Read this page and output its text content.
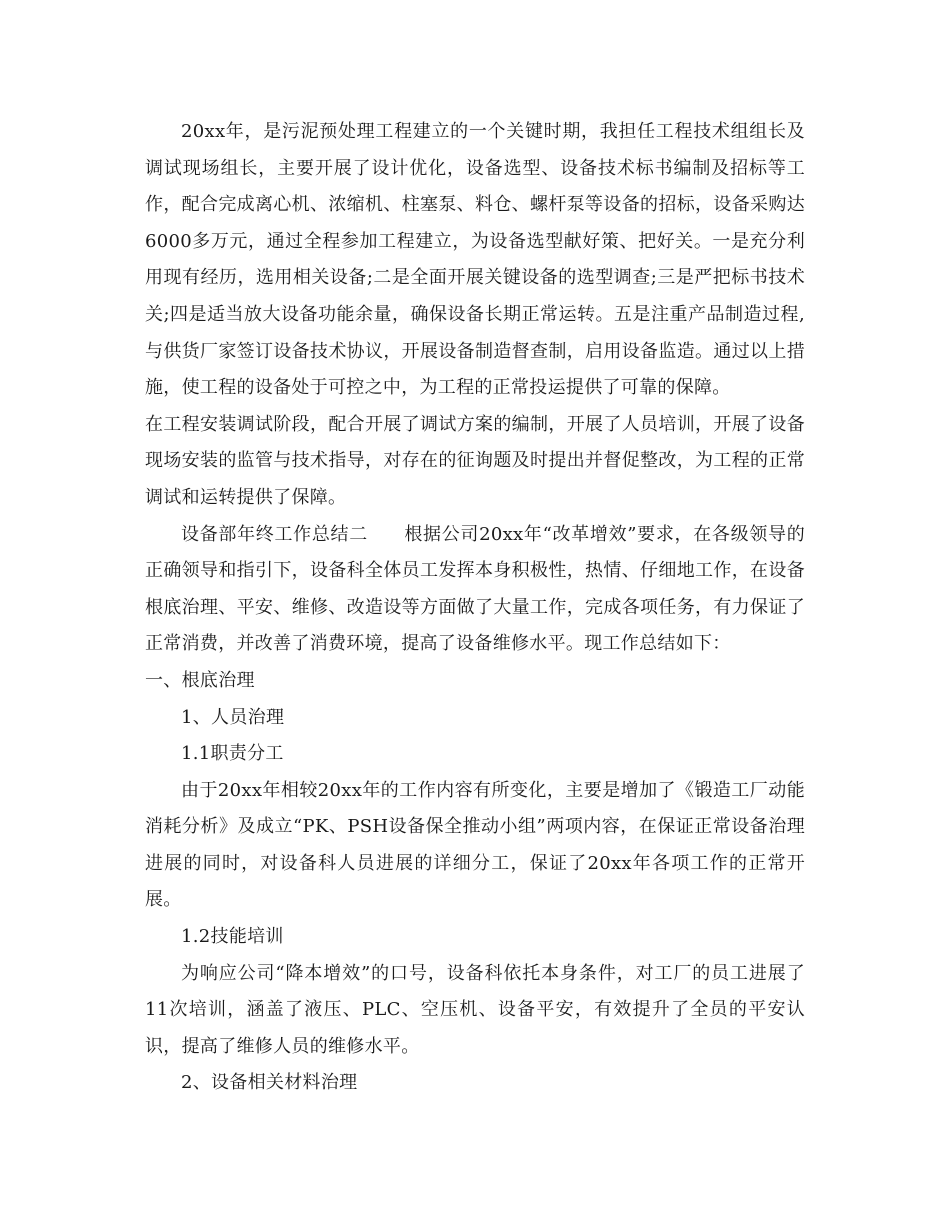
20xx年，是污泥预处理工程建立的一个关键时期，我担任工程技术组组长及调试现场组长，主要开展了设计优化，设备选型、设备技术标书编制及招标等工作，配合完成离心机、浓缩机、柱塞泵、料仓、螺杆泵等设备的招标，设备采购达6000多万元，通过全程参加工程建立，为设备选型献好策、把好关。一是充分利用现有经历，选用相关设备;二是全面开展关键设备的选型调查;三是严把标书技术关;四是适当放大设备功能余量，确保设备长期正常运转。五是注重产品制造过程,与供货厂家签订设备技术协议，开展设备制造督查制，启用设备监造。通过以上措施，使工程的设备处于可控之中，为工程的正常投运提供了可靠的保障。

在工程安装调试阶段，配合开展了调试方案的编制，开展了人员培训，开展了设备现场安装的监管与技术指导，对存在的征询题及时提出并督促整改，为工程的正常调试和运转提供了保障。

设备部年终工作总结二 根据公司20xx年“改革增效”要求，在各级领导的正确领导和指引下，设备科全体员工发挥本身积极性，热情、仔细地工作，在设备根底治理、平安、维修、改造设等方面做了大量工作，完成各项任务，有力保证了正常消费，并改善了消费环境，提高了设备维修水平。现工作总结如下：

一、根底治理

1、人员治理

1.1职责分工

由于20xx年相较20xx年的工作内容有所变化，主要是增加了《锻造工厂动能消耗分析》及成立“PK、PSH设备保全推动小组”两项内容，在保证正常设备治理进展的同时，对设备科人员进展的详细分工，保证了20xx年各项工作的正常开展。

1.2技能培训

为响应公司“降本增效”的口号，设备科依托本身条件，对工厂的员工进展了11次培训，涵盖了液压、PLC、空压机、设备平安，有效提升了全员的平安认识，提高了维修人员的维修水平。

2、设备相关材料治理
